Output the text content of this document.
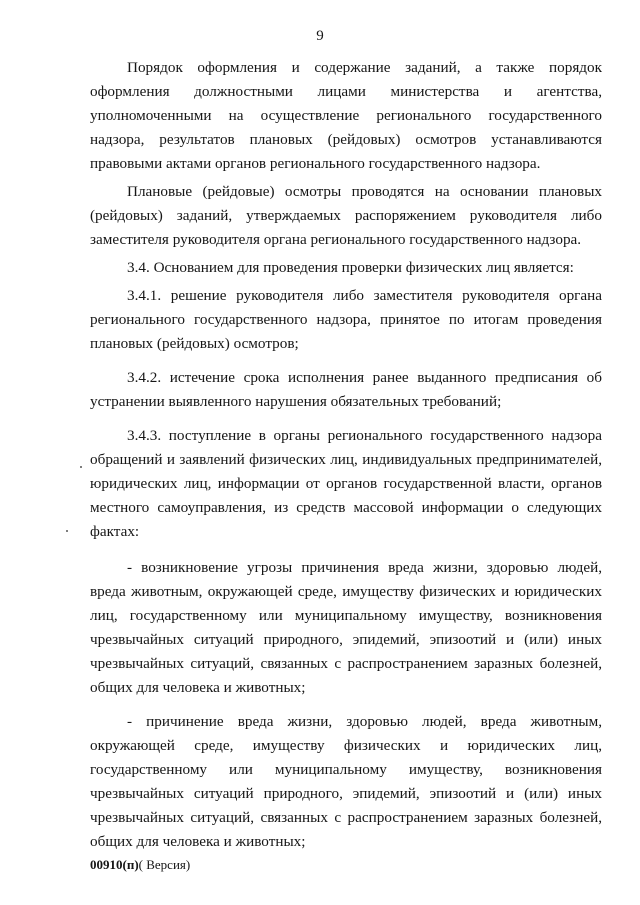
9

Порядок оформления и содержание заданий, а также порядок оформления должностными лицами министерства и агентства, уполномоченными на осуществление регионального государственного надзора, результатов плановых (рейдовых) осмотров устанавливаются правовыми актами органов регионального государственного надзора.

Плановые (рейдовые) осмотры проводятся на основании плановых (рейдовых) заданий, утверждаемых распоряжением руководителя либо заместителя руководителя органа регионального государственного надзора.

3.4. Основанием для проведения проверки физических лиц является:

3.4.1. решение руководителя либо заместителя руководителя органа регионального государственного надзора, принятое по итогам проведения плановых (рейдовых) осмотров;

3.4.2. истечение срока исполнения ранее выданного предписания об устранении выявленного нарушения обязательных требований;

3.4.3. поступление в органы регионального государственного надзора обращений и заявлений физических лиц, индивидуальных предпринимателей, юридических лиц, информации от органов государственной власти, органов местного самоуправления, из средств массовой информации о следующих фактах:

- возникновение угрозы причинения вреда жизни, здоровью людей, вреда животным, окружающей среде, имуществу физических и юридических лиц, государственному или муниципальному имуществу, возникновения чрезвычайных ситуаций природного, эпидемий, эпизоотий и (или) иных чрезвычайных ситуаций, связанных с распространением заразных болезней, общих для человека и животных;

- причинение вреда жизни, здоровью людей, вреда животным, окружающей среде, имуществу физических и юридических лиц, государственному или муниципальному имуществу, возникновения чрезвычайных ситуаций природного, эпидемий, эпизоотий и (или) иных чрезвычайных ситуаций, связанных с распространением заразных болезней, общих для человека и животных;

00910(п)( Версия)
